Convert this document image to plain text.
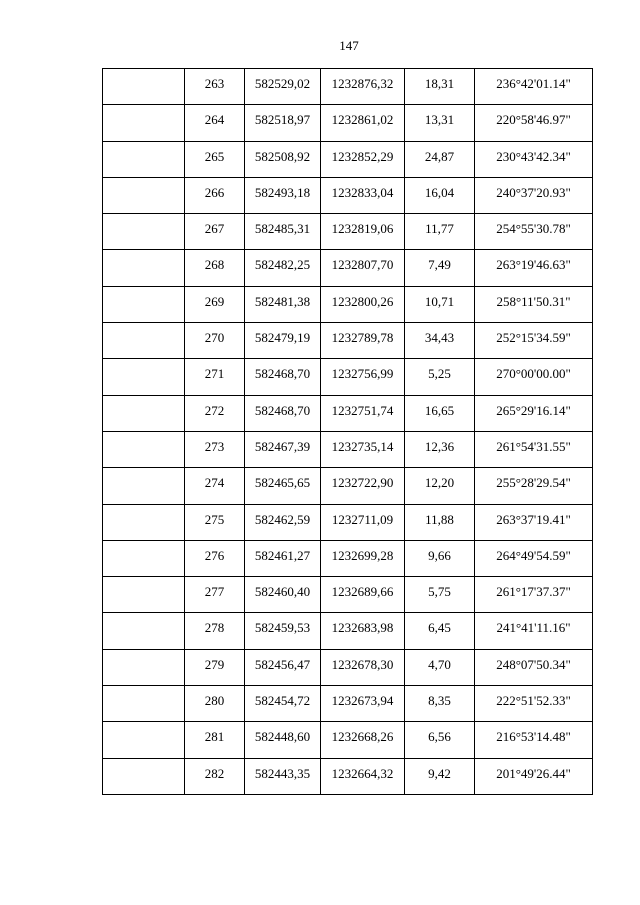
147
	263	582529,02	1232876,32	18,31	236°42'01.14"
	264	582518,97	1232861,02	13,31	220°58'46.97"
	265	582508,92	1232852,29	24,87	230°43'42.34"
	266	582493,18	1232833,04	16,04	240°37'20.93"
	267	582485,31	1232819,06	11,77	254°55'30.78"
	268	582482,25	1232807,70	7,49	263°19'46.63"
	269	582481,38	1232800,26	10,71	258°11'50.31"
	270	582479,19	1232789,78	34,43	252°15'34.59"
	271	582468,70	1232756,99	5,25	270°00'00.00"
	272	582468,70	1232751,74	16,65	265°29'16.14"
	273	582467,39	1232735,14	12,36	261°54'31.55"
	274	582465,65	1232722,90	12,20	255°28'29.54"
	275	582462,59	1232711,09	11,88	263°37'19.41"
	276	582461,27	1232699,28	9,66	264°49'54.59"
	277	582460,40	1232689,66	5,75	261°17'37.37"
	278	582459,53	1232683,98	6,45	241°41'11.16"
	279	582456,47	1232678,30	4,70	248°07'50.34"
	280	582454,72	1232673,94	8,35	222°51'52.33"
	281	582448,60	1232668,26	6,56	216°53'14.48"
	282	582443,35	1232664,32	9,42	201°49'26.44"
